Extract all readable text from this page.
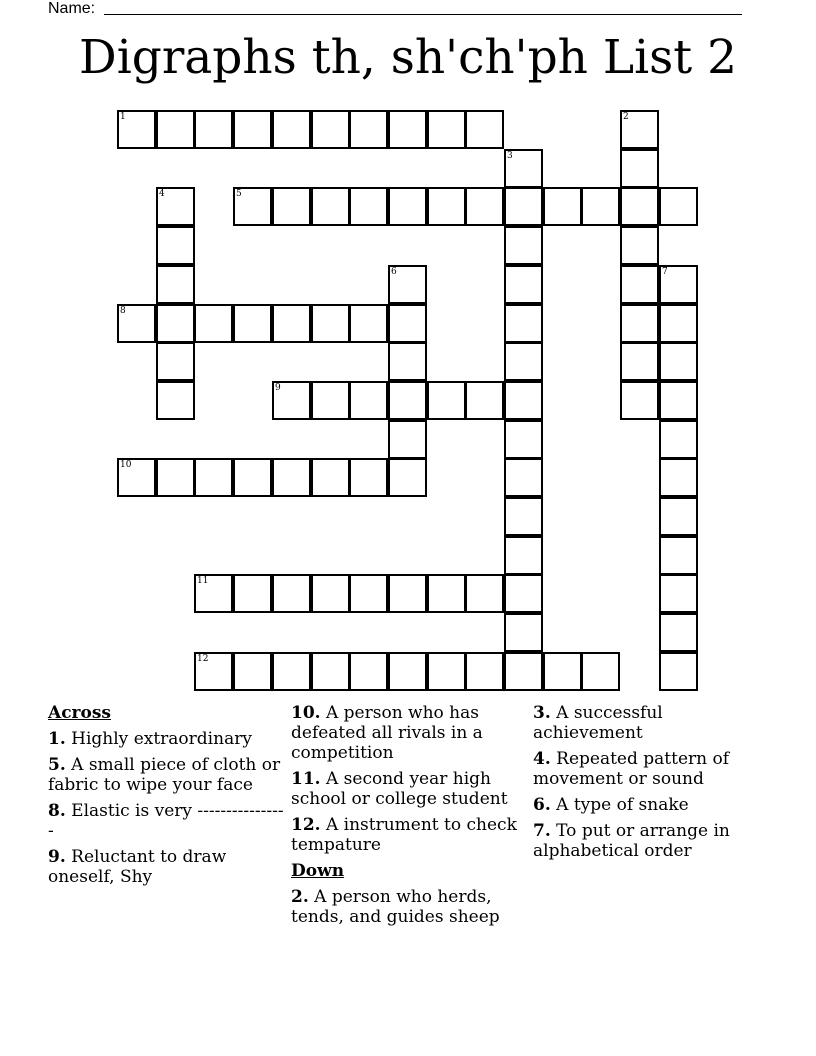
Name:
Digraphs th, sh'ch'ph List 2
1	2
3
4	5
6	7
8
9
10
11
12
Across
1. Highly extraordinary
5. A small piece of cloth or fabric to wipe your face
8. Elastic is very ----------------
9. Reluctant to draw oneself, Shy
10. A person who has defeated all rivals in a competition
11. A second year high school or college student
12. A instrument to check tempature
Down
2. A person who herds, tends, and guides sheep
3. A successful achievement
4. Repeated pattern of movement or sound
6. A type of snake
7. To put or arrange in alphabetical order
